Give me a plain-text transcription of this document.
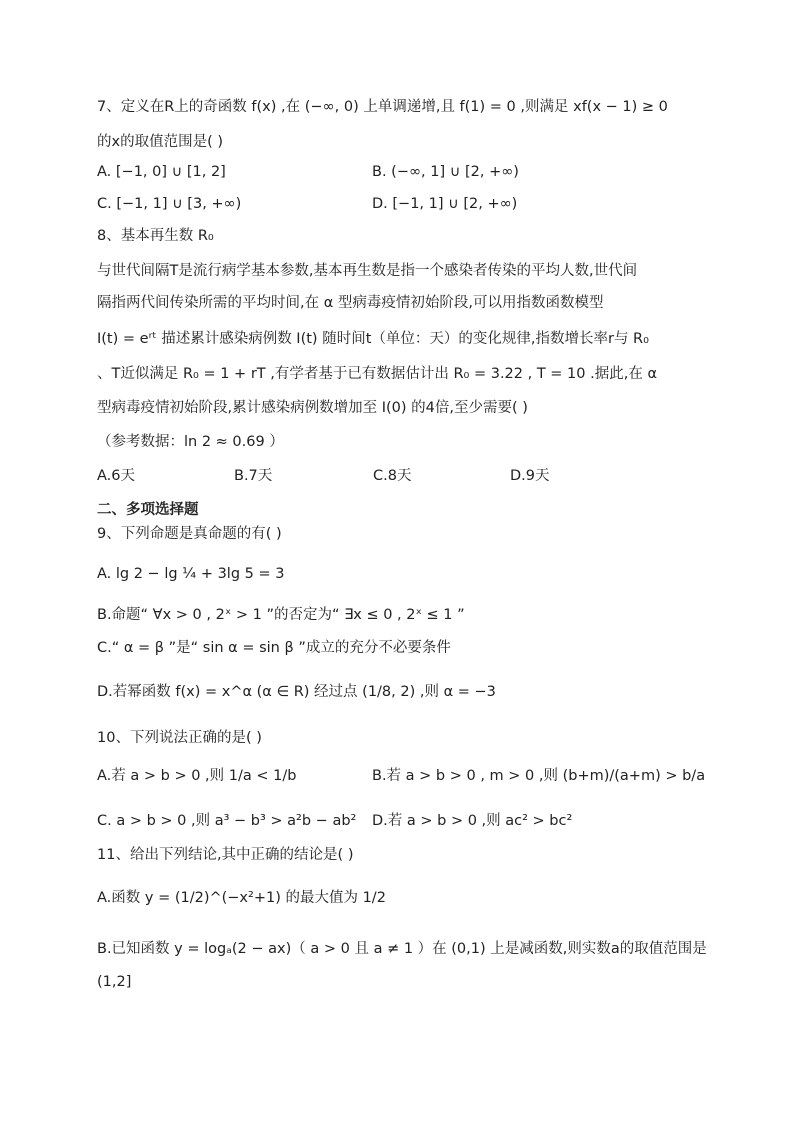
7、定义在R上的奇函数 f(x) ,在 (−∞, 0) 上单调递增,且 f(1) = 0 ,则满足 xf(x − 1) ≥ 0
的x的取值范围是( )
A. [−1, 0] ∪ [1, 2]	B. (−∞, 1] ∪ [2, +∞)
C. [−1, 1] ∪ [3, +∞)	D. [−1, 1] ∪ [2, +∞)
8、基本再生数 R₀
与世代间隔T是流行病学基本参数,基本再生数是指一个感染者传染的平均人数,世代间
隔指两代间传染所需的平均时间,在 α 型病毒疫情初始阶段,可以用指数函数模型
I(t) = eʳᵗ 描述累计感染病例数 I(t) 随时间t（单位：天）的变化规律,指数增长率r与 R₀
、T近似满足 R₀ = 1 + rT ,有学者基于已有数据估计出 R₀ = 3.22 , T = 10 .据此,在 α
型病毒疫情初始阶段,累计感染病例数增加至 I(0) 的4倍,至少需要( )
（参考数据：ln 2 ≈ 0.69 ）
A.6天	B.7天	C.8天	D.9天
二、多项选择题
9、下列命题是真命题的有( )
A. lg 2 − lg ¼ + 3lg 5 = 3
B.命题“ ∀x > 0 , 2ˣ > 1 ”的否定为“ ∃x ≤ 0 , 2ˣ ≤ 1 ”
C.“ α = β ”是“ sin α = sin β ”成立的充分不必要条件
D.若幂函数 f(x) = x^α (α ∈ R) 经过点 (1/8, 2) ,则 α = −3
10、下列说法正确的是( )
A.若 a > b > 0 ,则 1/a < 1/b	B.若 a > b > 0 , m > 0 ,则 (b+m)/(a+m) > b/a
C. a > b > 0 ,则 a³ − b³ > a²b − ab² D.若 a > b > 0 ,则 ac² > bc²
11、给出下列结论,其中正确的结论是( )
A.函数 y = (1/2)^(−x²+1) 的最大值为 1/2
B.已知函数 y = logₐ(2 − ax)（ a > 0 且 a ≠ 1 ）在 (0,1) 上是减函数,则实数a的取值范围是
(1,2]
